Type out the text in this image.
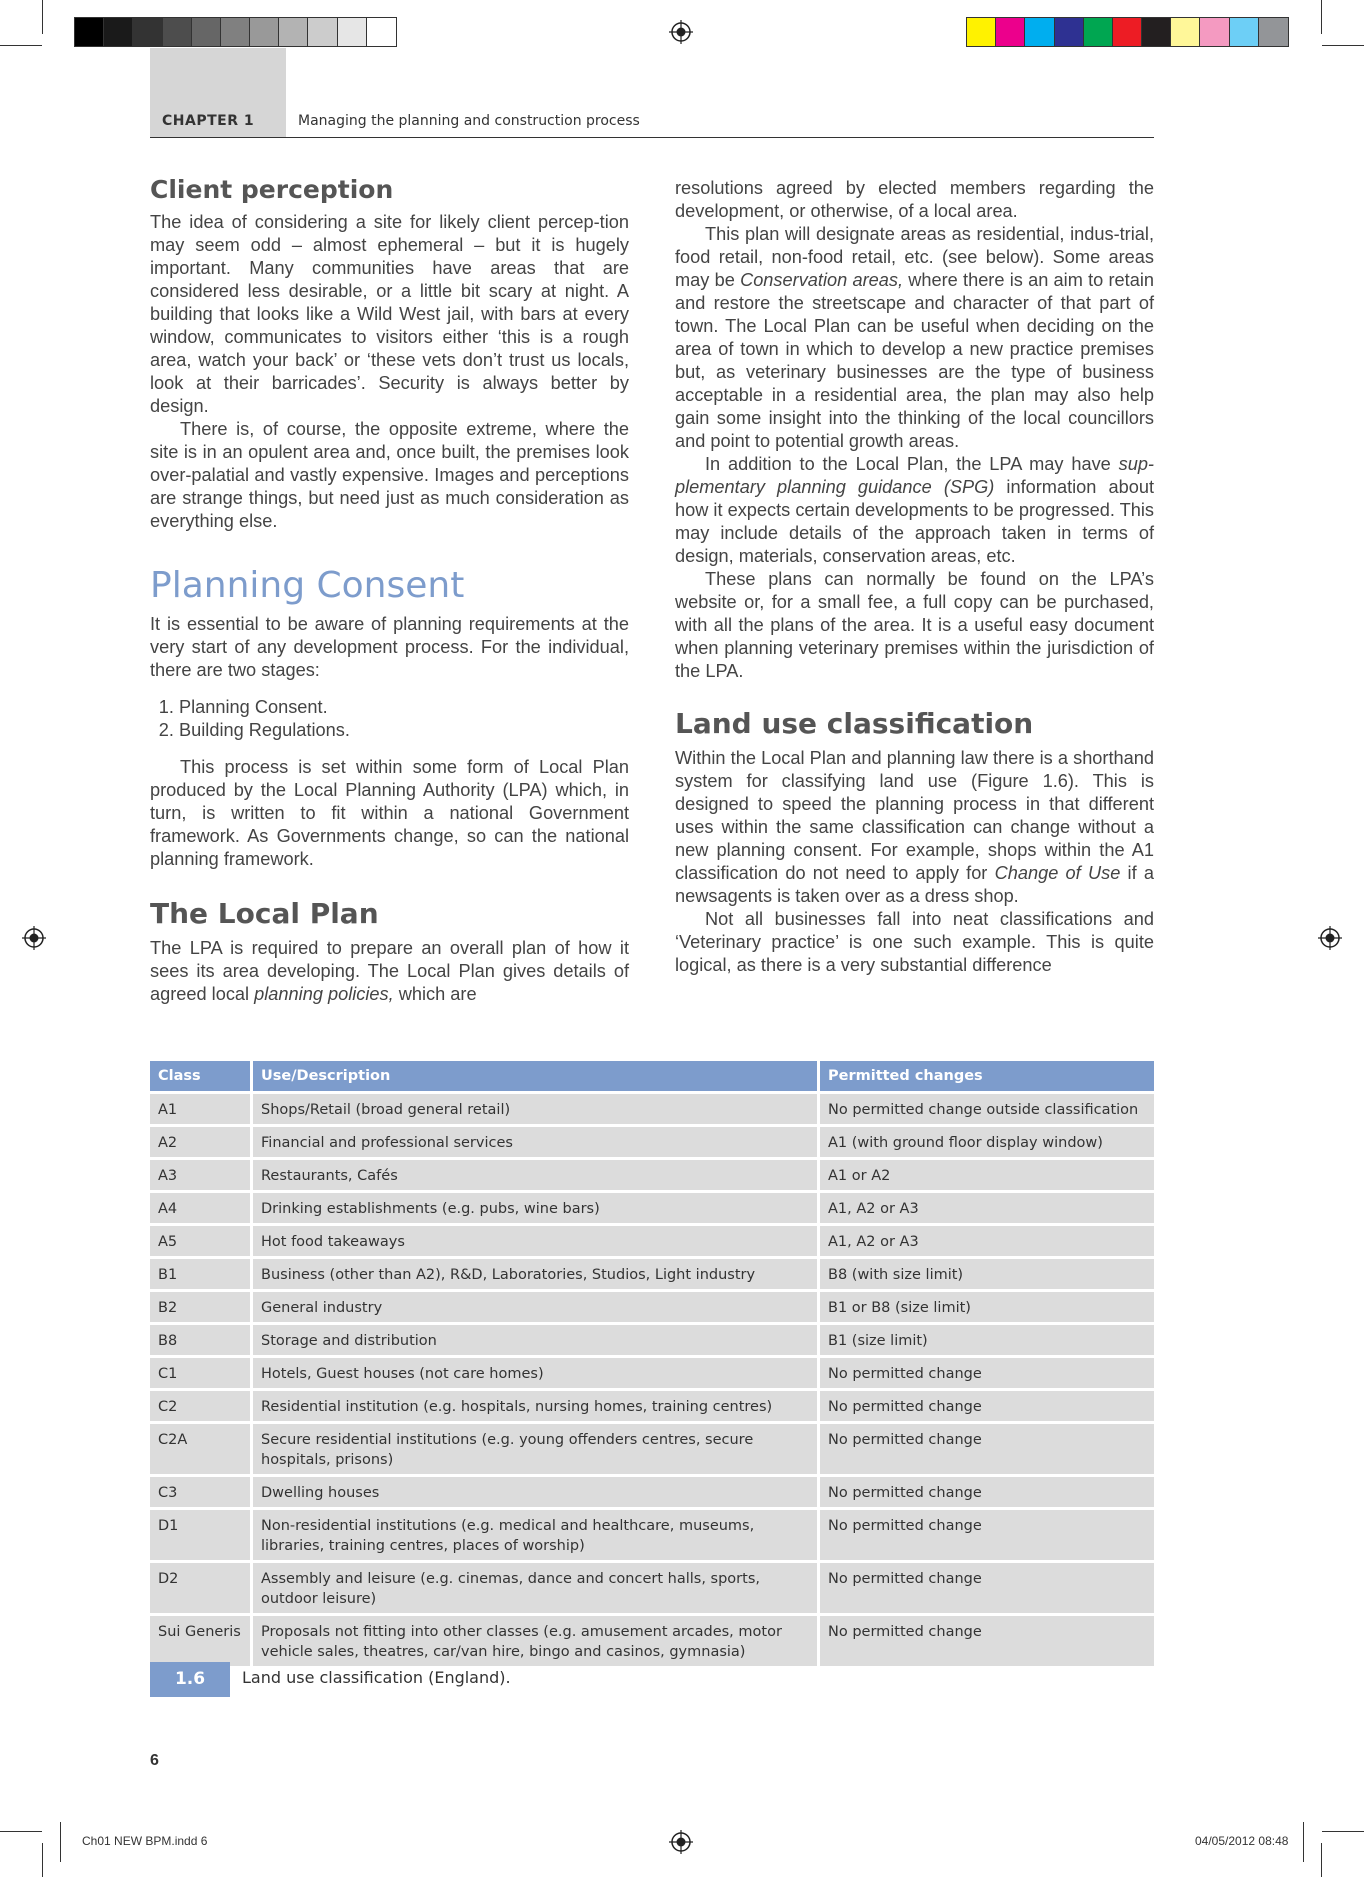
CHAPTER 1	Managing the planning and construction process
Client perception

The idea of considering a site for likely client percep-tion may seem odd – almost ephemeral – but it is hugely important. Many communities have areas that are considered less desirable, or a little bit scary at night. A building that looks like a Wild West jail, with bars at every window, communicates to visitors either ‘this is a rough area, watch your back’ or ‘these vets don’t trust us locals, look at their barricades’. Security is always better by design.

There is, of course, the opposite extreme, where the site is in an opulent area and, once built, the premises look over-palatial and vastly expensive. Images and perceptions are strange things, but need just as much consideration as everything else.

Planning Consent

It is essential to be aware of planning requirements at the very start of any development process. For the individual, there are two stages:

1. Planning Consent.
2. Building Regulations.

This process is set within some form of Local Plan produced by the Local Planning Authority (LPA) which, in turn, is written to fit within a national Government framework. As Governments change, so can the national planning framework.

The Local Plan

The LPA is required to prepare an overall plan of how it sees its area developing. The Local Plan gives details of agreed local planning policies, which are

resolutions agreed by elected members regarding the development, or otherwise, of a local area.

This plan will designate areas as residential, indus-trial, food retail, non-food retail, etc. (see below). Some areas may be Conservation areas, where there is an aim to retain and restore the streetscape and character of that part of town. The Local Plan can be useful when deciding on the area of town in which to develop a new practice premises but, as veterinary businesses are the type of business acceptable in a residential area, the plan may also help gain some insight into the thinking of the local councillors and point to potential growth areas.

In addition to the Local Plan, the LPA may have sup-plementary planning guidance (SPG) information about how it expects certain developments to be progressed. This may include details of the approach taken in terms of design, materials, conservation areas, etc.

These plans can normally be found on the LPA’s website or, for a small fee, a full copy can be purchased, with all the plans of the area. It is a useful easy document when planning veterinary premises within the jurisdiction of the LPA.

Land use classification

Within the Local Plan and planning law there is a shorthand system for classifying land use (Figure 1.6). This is designed to speed the planning process in that different uses within the same classification can change without a new planning consent. For example, shops within the A1 classification do not need to apply for Change of Use if a newsagents is taken over as a dress shop.

Not all businesses fall into neat classifications and ‘Veterinary practice’ is one such example. This is quite logical, as there is a very substantial difference

Class	Use/Description	Permitted changes
A1	Shops/Retail (broad general retail)	No permitted change outside classification
A2	Financial and professional services	A1 (with ground floor display window)
A3	Restaurants, Cafés	A1 or A2
A4	Drinking establishments (e.g. pubs, wine bars)	A1, A2 or A3
A5	Hot food takeaways	A1, A2 or A3
B1	Business (other than A2), R&D, Laboratories, Studios, Light industry	B8 (with size limit)
B2	General industry	B1 or B8 (size limit)
B8	Storage and distribution	B1 (size limit)
C1	Hotels, Guest houses (not care homes)	No permitted change
C2	Residential institution (e.g. hospitals, nursing homes, training centres)	No permitted change
C2A	Secure residential institutions (e.g. young offenders centres, secure hospitals, prisons)	No permitted change
C3	Dwelling houses	No permitted change
D1	Non-residential institutions (e.g. medical and healthcare, museums, libraries, training centres, places of worship)	No permitted change
D2	Assembly and leisure (e.g. cinemas, dance and concert halls, sports, outdoor leisure)	No permitted change
Sui Generis	Proposals not fitting into other classes (e.g. amusement arcades, motor vehicle sales, theatres, car/van hire, bingo and casinos, gymnasia)	No permitted change
1.6	Land use classification (England).
6
Ch01 NEW BPM.indd 6	04/05/2012 08:48
